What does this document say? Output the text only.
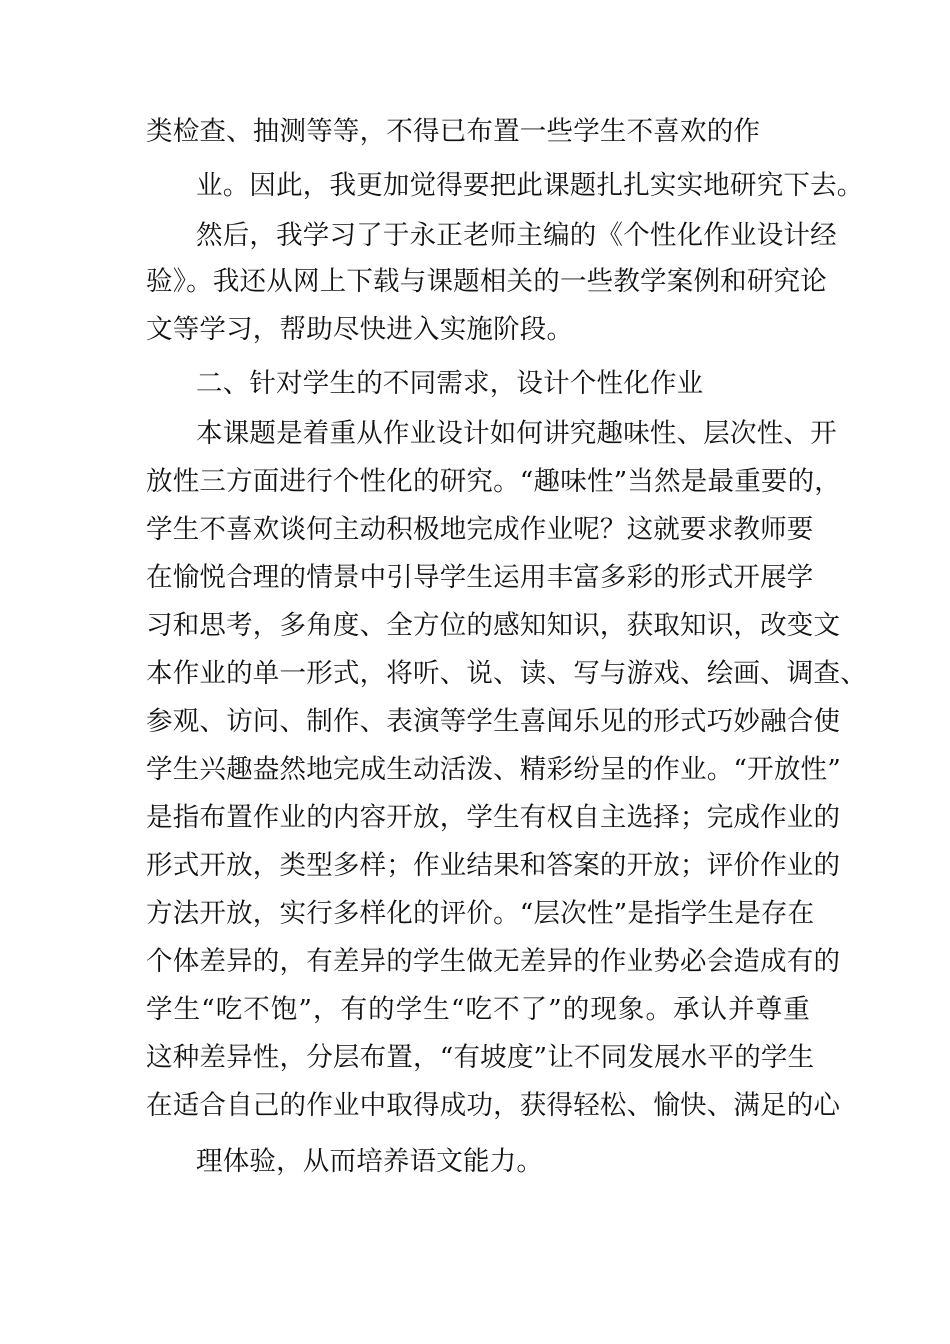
类检查、抽测等等，不得已布置一些学生不喜欢的作
业。因此，我更加觉得要把此课题扎扎实实地研究下去。
然后，我学习了于永正老师主编的《个性化作业设计经
验》。我还从网上下载与课题相关的一些教学案例和研究论
文等学习，帮助尽快进入实施阶段。
二、针对学生的不同需求，设计个性化作业
本课题是着重从作业设计如何讲究趣味性、层次性、开
放性三方面进行个性化的研究。“趣味性”当然是最重要的，
学生不喜欢谈何主动积极地完成作业呢？这就要求教师要
在愉悦合理的情景中引导学生运用丰富多彩的形式开展学
习和思考，多角度、全方位的感知知识，获取知识，改变文
本作业的单一形式，将听、说、读、写与游戏、绘画、调查、
参观、访问、制作、表演等学生喜闻乐见的形式巧妙融合使
学生兴趣盎然地完成生动活泼、精彩纷呈的作业。“开放性”
是指布置作业的内容开放，学生有权自主选择；完成作业的
形式开放，类型多样；作业结果和答案的开放；评价作业的
方法开放，实行多样化的评价。“层次性”是指学生是存在
个体差异的，有差异的学生做无差异的作业势必会造成有的
学生“吃不饱”，有的学生“吃不了”的现象。承认并尊重
这种差异性，分层布置，“有坡度”让不同发展水平的学生
在适合自己的作业中取得成功，获得轻松、愉快、满足的心
理体验，从而培养语文能力。
